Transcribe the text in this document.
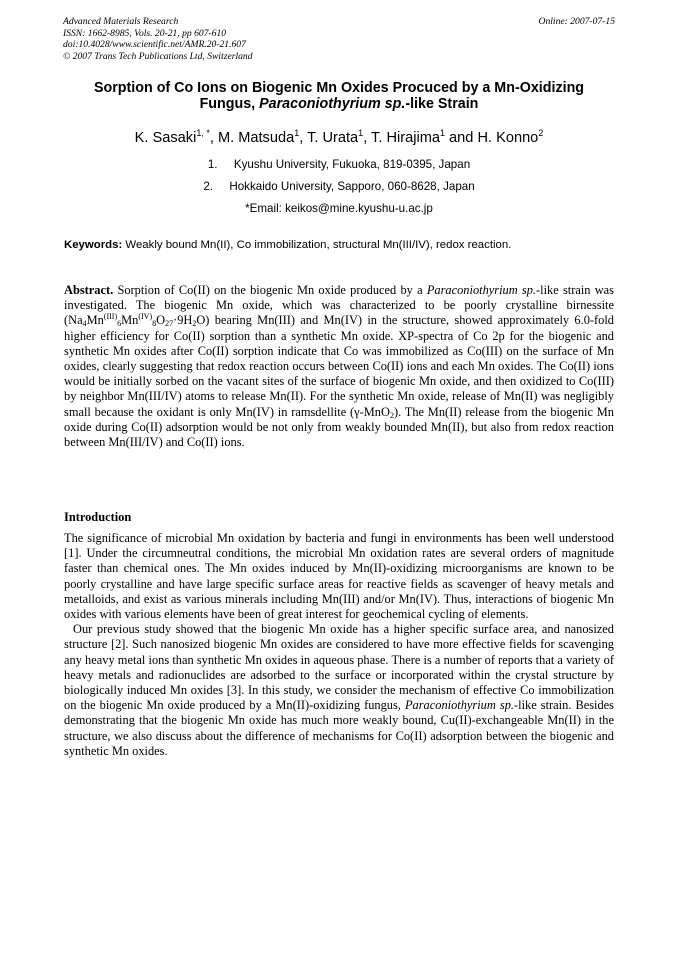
Advanced Materials Research
ISSN: 1662-8985, Vols. 20-21, pp 607-610
doi:10.4028/www.scientific.net/AMR.20-21.607
© 2007 Trans Tech Publications Ltd, Switzerland
Online: 2007-07-15
Sorption of Co Ions on Biogenic Mn Oxides Procuced by a Mn-Oxidizing
Fungus, Paraconiothyrium sp.-like Strain
K. Sasaki$^{1, *}$, M. Matsuda$^1$, T. Urata$^1$, T. Hirajima$^1$ and H. Konno$^2$
1. Kyushu University, Fukuoka, 819-0395, Japan
2. Hokkaido University, Sapporo, 060-8628, Japan
*Email: keikos@mine.kyushu-u.ac.jp
Keywords: Weakly bound Mn(II), Co immobilization, structural Mn(III/IV), redox reaction.

Abstract. Sorption of Co(II) on the biogenic Mn oxide produced by a Paraconiothyrium sp.-like strain was investigated. The biogenic Mn oxide, which was characterized to be poorly crystalline birnessite $(Na_4Mn^{(III)}_6Mn^{(IV)}_8O_{27}\cdot 9H_2O)$ bearing Mn(III) and Mn(IV) in the structure, showed approximately 6.0-fold higher efficiency for Co(II) sorption than a synthetic Mn oxide. XP-spectra of Co 2p for the biogenic and synthetic Mn oxides after Co(II) sorption indicate that Co was immobilized as Co(III) on the surface of Mn oxides, clearly suggesting that redox reaction occurs between Co(II) ions and each Mn oxides. The Co(II) ions would be initially sorbed on the vacant sites of the surface of biogenic Mn oxide, and then oxidized to Co(III) by neighbor Mn(III/IV) atoms to release Mn(II). For the synthetic Mn oxide, release of Mn(II) was negligibly small because the oxidant is only Mn(IV) in ramsdellite (γ-MnO$_2$). The Mn(II) release from the biogenic Mn oxide during Co(II) adsorption would be not only from weakly bounded Mn(II), but also from redox reaction between Mn(III/IV) and Co(II) ions.

Introduction

The significance of microbial Mn oxidation by bacteria and fungi in environments has been well understood [1]. Under the circumneutral conditions, the microbial Mn oxidation rates are several orders of magnitude faster than chemical ones. The Mn oxides induced by Mn(II)-oxidizing microorganisms are known to be poorly crystalline and have large specific surface areas for reactive fields as scavenger of heavy metals and metalloids, and exist as various minerals including Mn(III) and/or Mn(IV). Thus, interactions of biogenic Mn oxides with various elements have been of great interest for geochemical cycling of elements.

Our previous study showed that the biogenic Mn oxide has a higher specific surface area, and nanosized structure [2]. Such nanosized biogenic Mn oxides are considered to have more effective fields for scavenging any heavy metal ions than synthetic Mn oxides in aqueous phase. There is a number of reports that a variety of heavy metals and radionuclides are adsorbed to the surface or incorporated within the crystal structure by biologically induced Mn oxides [3]. In this study, we consider the mechanism of effective Co immobilization on the biogenic Mn oxide produced by a Mn(II)-oxidizing fungus, Paraconiothyrium sp.-like strain. Besides demonstrating that the biogenic Mn oxide has much more weakly bound, Cu(II)-exchangeable Mn(II) in the structure, we also discuss about the difference of mechanisms for Co(II) adsorption between the biogenic and synthetic Mn oxides.
